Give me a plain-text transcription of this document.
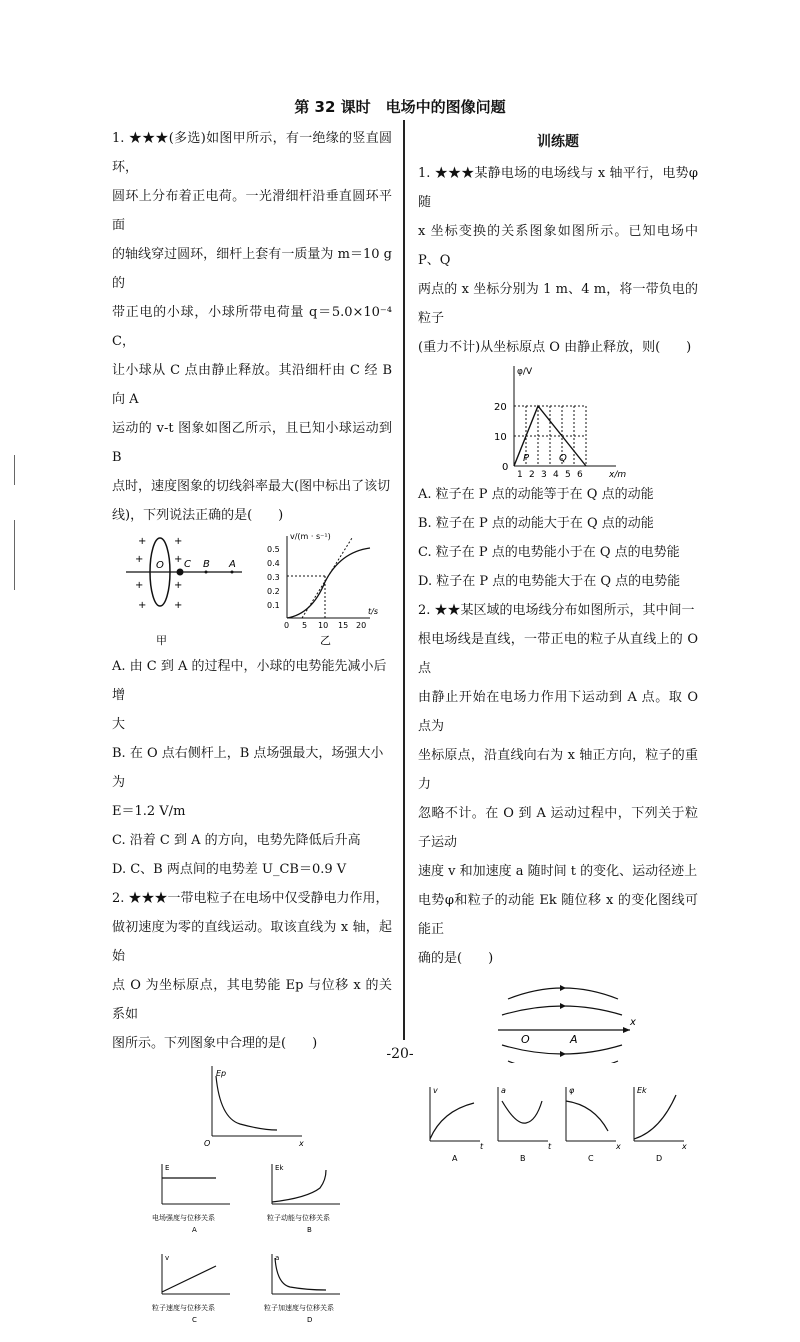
第 32 课时　电场中的图像问题

1. ★★★(多选)如图甲所示，有一绝缘的竖直圆环，

圆环上分布着正电荷。一光滑细杆沿垂直圆环平面

的轴线穿过圆环，细杆上套有一质量为 m＝10 g 的

带正电的小球，小球所带电荷量 q＝5.0×10⁻⁴ C，

让小球从 C 点由静止释放。其沿细杆由 C 经 B 向 A

运动的 v-t 图象如图乙所示，且已知小球运动到 B

点时，速度图象的切线斜率最大(图中标出了该切

线)，下列说法正确的是(　　)

+	+
+	+
+	+
+	+
O C B A
v/(m · s⁻¹)
t/s
0.5
0.4
0.3
0.2
0.1
0 5 10 15 20
甲	乙

A. 由 C 到 A 的过程中，小球的电势能先减小后增

大

B. 在 O 点右侧杆上，B 点场强最大，场强大小为

E＝1.2 V/m

C. 沿着 C 到 A 的方向，电势先降低后升高

D. C、B 两点间的电势差 U_CB＝0.9 V

2. ★★★一带电粒子在电场中仅受静电力作用，

做初速度为零的直线运动。取该直线为 x 轴，起始

点 O 为坐标原点，其电势能 Ep 与位移 x 的关系如

图所示。下列图象中合理的是(　　)

Ep
x
O
E
电场强度与位移关系
A
Ek
粒子动能与位移关系
B
v
粒子速度与位移关系
C
a
粒子加速度与位移关系
D
训练题

1. ★★★某静电场的电场线与 x 轴平行，电势φ随

x 坐标变换的关系图象如图所示。已知电场中 P、Q

两点的 x 坐标分别为 1 m、4 m，将一带负电的粒子

(重力不计)从坐标原点 O 由静止释放，则(　　)

φ/V
x/m
20
10
0
1 2 3 4 5 6
P	Q

A. 粒子在 P 点的动能等于在 Q 点的动能

B. 粒子在 P 点的动能大于在 Q 点的动能

C. 粒子在 P 点的电势能小于在 Q 点的电势能

D. 粒子在 P 点的电势能大于在 Q 点的电势能

2. ★★某区域的电场线分布如图所示，其中间一

根电场线是直线，一带正电的粒子从直线上的 O 点

由静止开始在电场力作用下运动到 A 点。取 O 点为

坐标原点，沿直线向右为 x 轴正方向，粒子的重力

忽略不计。在 O 到 A 运动过程中，下列关于粒子运动

速度 v 和加速度 a 随时间 t 的变化、运动径迹上

电势φ和粒子的动能 Ek 随位移 x 的变化图线可能正

确的是(　　)

O	A
x
v
t
A
a
t
B
φ
x
C
Ek
x
D
-20-
